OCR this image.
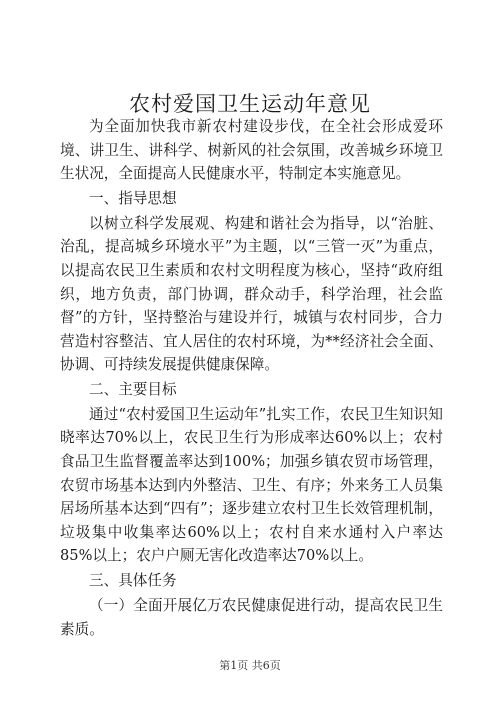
农村爱国卫生运动年意见

为全面加快我市新农村建设步伐，在全社会形成爱环境、讲卫生、讲科学、树新风的社会氛围，改善城乡环境卫生状况，全面提高人民健康水平，特制定本实施意见。

一、指导思想

以树立科学发展观、构建和谐社会为指导，以“治脏、治乱，提高城乡环境水平”为主题，以“三管一灭”为重点，以提高农民卫生素质和农村文明程度为核心，坚持“政府组织，地方负责，部门协调，群众动手，科学治理，社会监督”的方针，坚持整治与建设并行，城镇与农村同步，合力营造村容整洁、宜人居住的农村环境，为**经济社会全面、协调、可持续发展提供健康保障。

二、主要目标

通过“农村爱国卫生运动年”扎实工作，农民卫生知识知晓率达70%以上，农民卫生行为形成率达60%以上；农村食品卫生监督覆盖率达到100%；加强乡镇农贸市场管理，农贸市场基本达到内外整洁、卫生、有序；外来务工人员集居场所基本达到“四有”；逐步建立农村卫生长效管理机制，垃圾集中收集率达60%以上；农村自来水通村入户率达85%以上；农户户厕无害化改造率达70%以上。

三、具体任务

（一）全面开展亿万农民健康促进行动，提高农民卫生素质。

第1页 共6页
